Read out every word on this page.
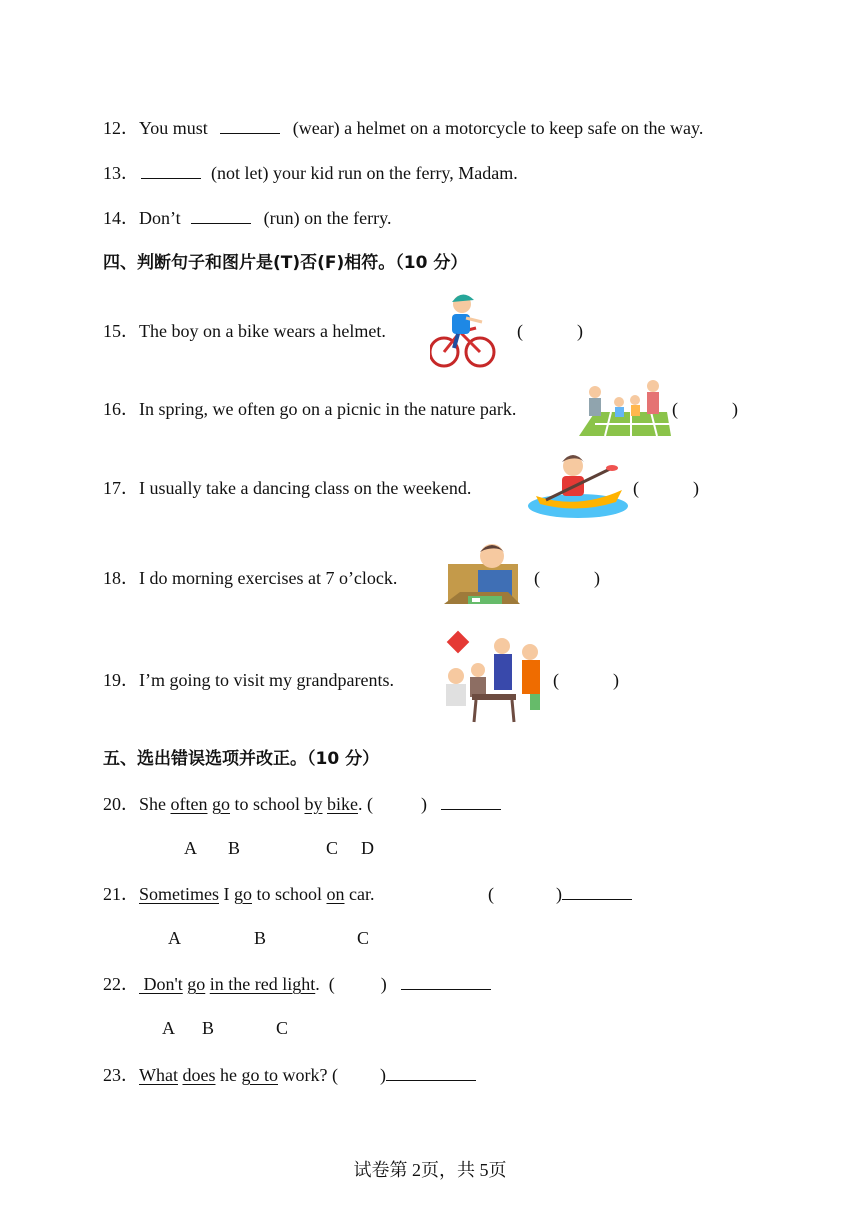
12．You must	(wear) a helmet on a motorcycle to keep safe on the way.
13．	(not let) your kid run on the ferry, Madam.
14．Don’t	(run) on the ferry.
四、判断句子和图片是(T)否(F)相符。（10 分）
15．The boy on a bike wears a helmet.	(　　　)
16．In spring, we often go on a picnic in the nature park.	(　　　)
17．I usually take a dancing class on the weekend.	(　　　)
18．I do morning exercises at 7 o’clock.	(　　　)
19．I’m going to visit my grandparents.	(　　　)
五、选出错误选项并改正。（10 分）
20．She often go to school by bike. (	)
A B	C D
21．Sometimes I go to school on car.	(	)
A	B	C
22． Don't go in the red light.  (	)
A B	C
23．What does he go to work? ( )
试卷第 2页，共 5页
